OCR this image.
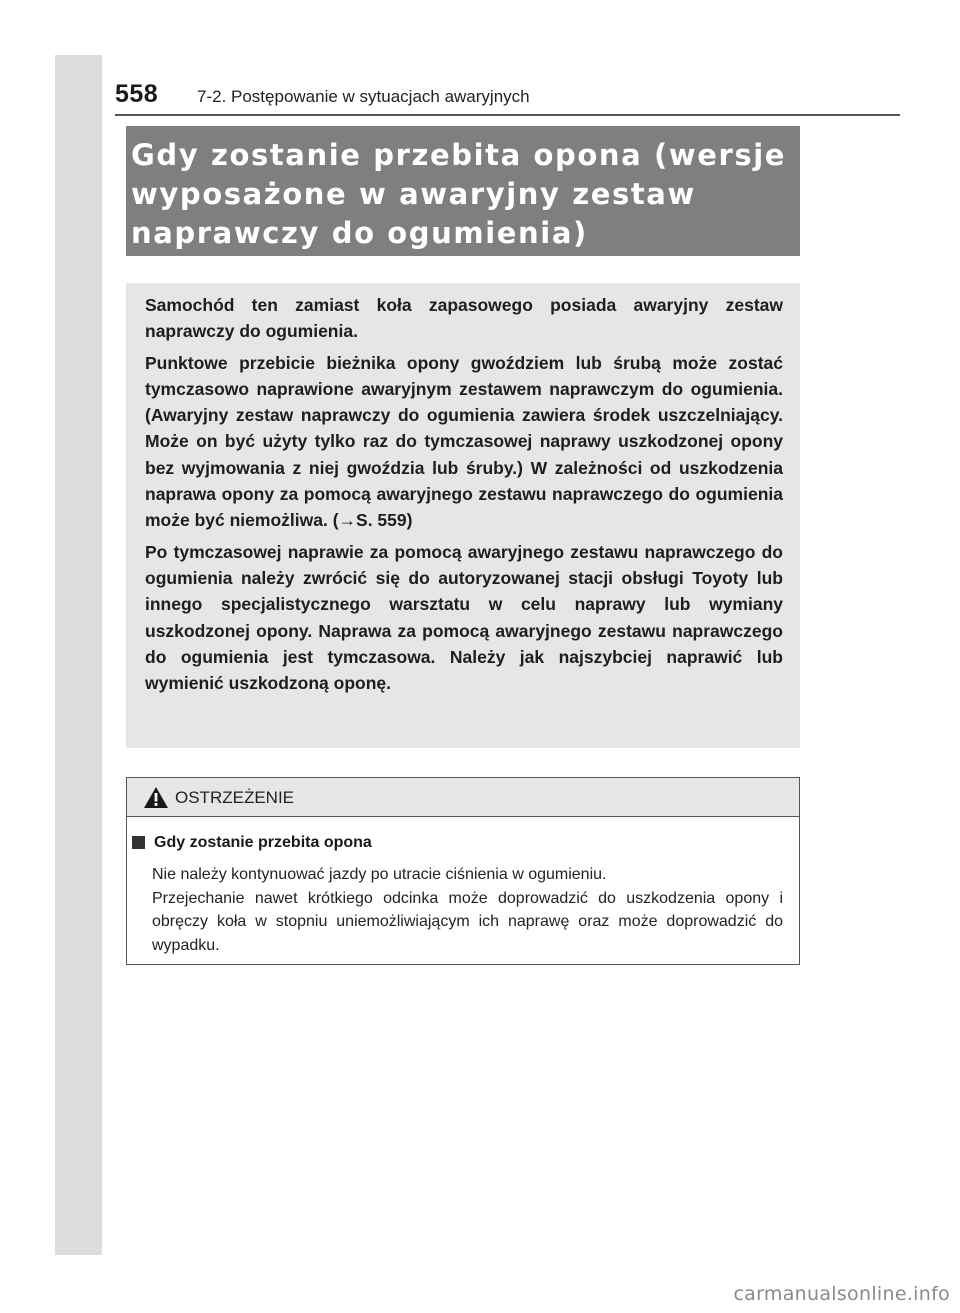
558 7-2. Postępowanie w sytuacjach awaryjnych

Gdy zostanie przebita opona (wersje
wyposażone w awaryjny zestaw
naprawczy do ogumienia)

Samochód ten zamiast koła zapasowego posiada awaryjny zestaw naprawczy do ogumienia.

Punktowe przebicie bieżnika opony gwoździem lub śrubą może zostać tymczasowo naprawione awaryjnym zestawem naprawczym do ogumienia. (Awaryjny zestaw naprawczy do ogumienia zawiera środek uszczelniający. Może on być użyty tylko raz do tymczasowej naprawy uszkodzonej opony bez wyjmowania z niej gwoździa lub śruby.) W zależności od uszkodzenia naprawa opony za pomocą awaryjnego zestawu naprawczego do ogumienia może być niemożliwa. (→S. 559)

Po tymczasowej naprawie za pomocą awaryjnego zestawu naprawczego do ogumienia należy zwrócić się do autoryzowanej stacji obsługi Toyoty lub innego specjalistycznego warsztatu w celu naprawy lub wymiany uszkodzonej opony. Naprawa za pomocą awaryjnego zestawu naprawczego do ogumienia jest tymczasowa. Należy jak najszybciej naprawić lub wymienić uszkodzoną oponę.

OSTRZEŻENIE
Gdy zostanie przebita opona

Nie należy kontynuować jazdy po utracie ciśnienia w ogumieniu.

Przejechanie nawet krótkiego odcinka może doprowadzić do uszkodzenia opony i obręczy koła w stopniu uniemożliwiającym ich naprawę oraz może doprowadzić do wypadku.

carmanualsonline.info
